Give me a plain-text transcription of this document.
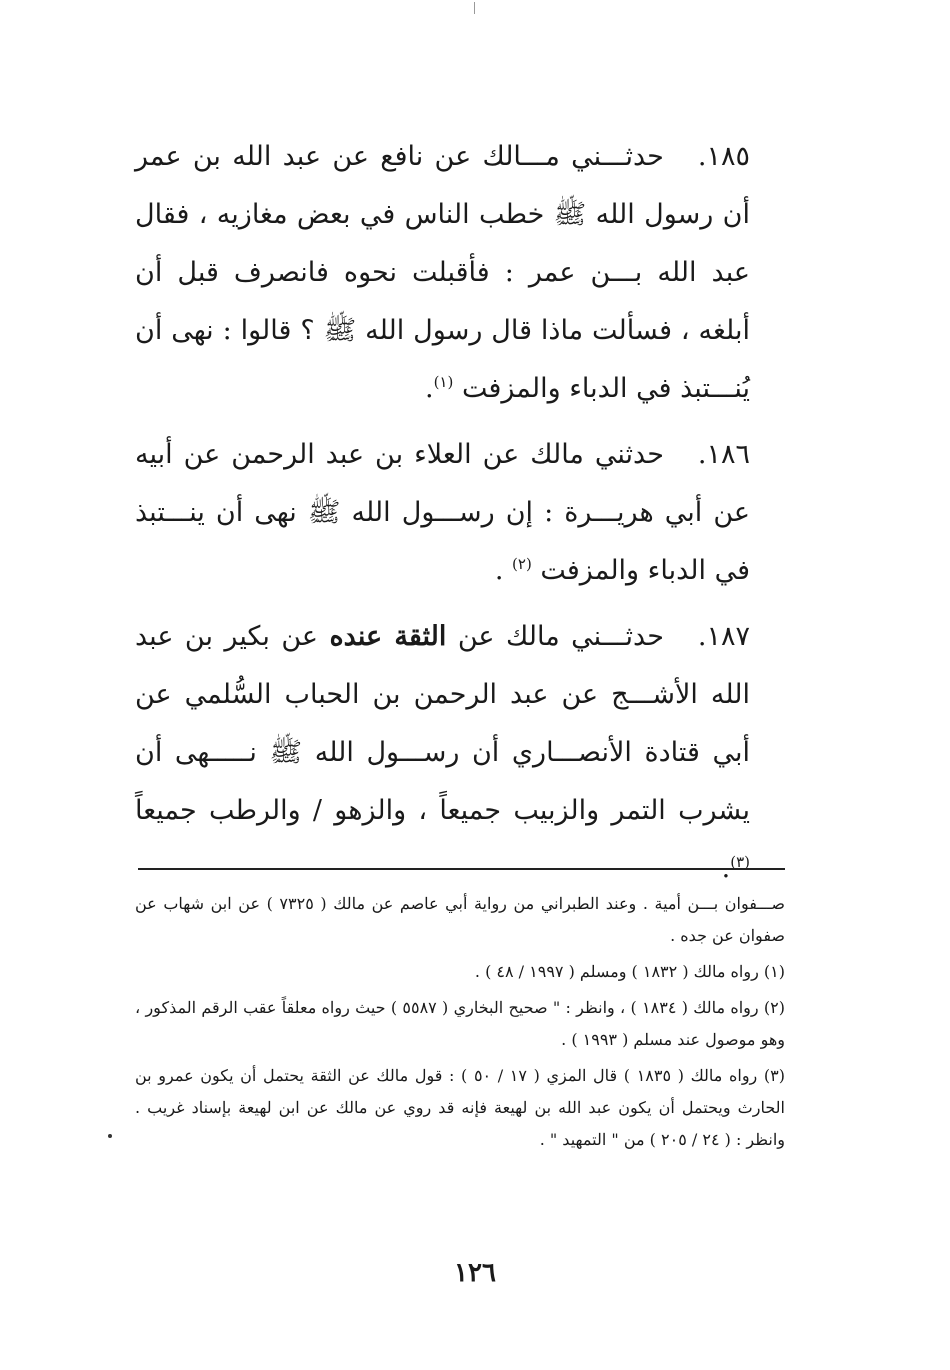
١٨٥.حدثـــني مـــالك عن نافع عن عبد الله بن عمر أن رسول الله ﷺ خطب الناس في بعض مغازيه ، فقال عبد الله بـــن عمر : فأقبلت نحوه فانصرف قبل أن أبلغه ، فسألت ماذا قال رسول الله ﷺ ؟ قالوا : نهى أن يُنـــتبذ في الدباء والمزفت $^{(١)}$.

١٨٦.حدثني مالك عن العلاء بن عبد الرحمن عن أبيه عن أبي هريـــرة : إن رســـول الله ﷺ نهى أن ينـــتبذ في الدباء والمزفت $^{(٢)}$ .

١٨٧.حدثـــني مالك عن الثقة عنده عن بكير بن عبد الله الأشـــج عن عبد الرحمن بن الحباب السُّلمي عن أبي قتادة الأنصـــاري أن رســـول الله ﷺ نـــــهى أن يشرب التمر والزبيب جميعاً ، والزهو / والرطب جميعاً $^{(٣)}$.

صـــفوان بـــن أمية . وعند الطبراني من رواية أبي عاصم عن مالك ( ٧٣٢٥ ) عن ابن شهاب عن صفوان عن جده .

(١) رواه مالك ( ١٨٣٢ ) ومسلم ( ١٩٩٧ / ٤٨ ) .

(٢) رواه مالك ( ١٨٣٤ ) ، وانظر : " صحيح البخاري ( ٥٥٨٧ ) حيث رواه معلقاً عقب الرقم المذكور ، وهو موصول عند مسلم ( ١٩٩٣ ) .

(٣) رواه مالك ( ١٨٣٥ ) قال المزي ( ١٧ / ٥٠ ) : قول مالك عن الثقة يحتمل أن يكون عمرو بن الحارث ويحتمل أن يكون عبد الله بن لهيعة فإنه قد روي عن مالك عن ابن لهيعة بإسناد غريب . وانظر : ( ٢٤ / ٢٠٥ ) من " التمهيد " .

١٢٦
